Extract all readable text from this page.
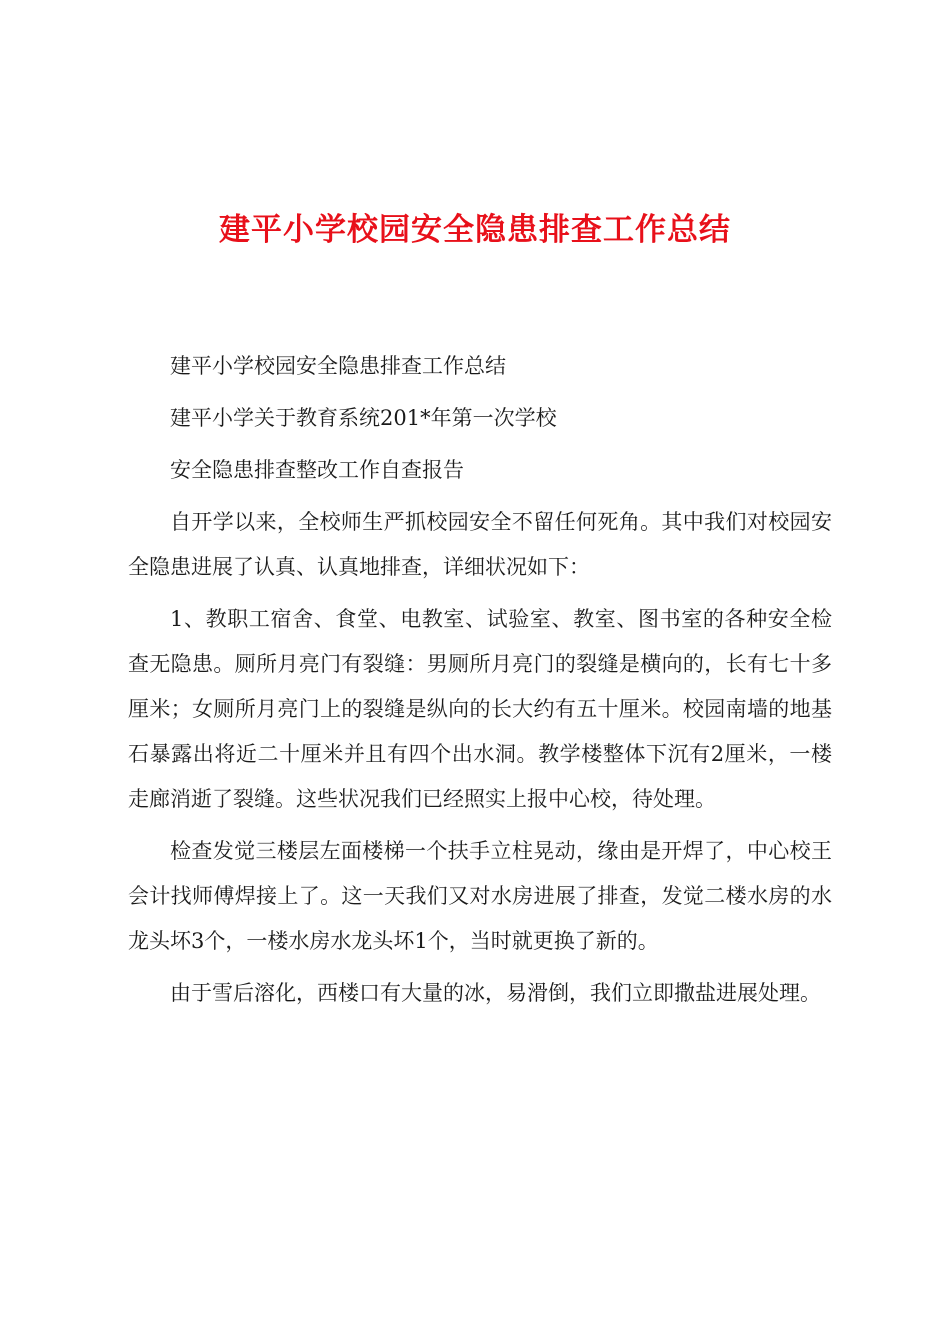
建平小学校园安全隐患排查工作总结

建平小学校园安全隐患排查工作总结

建平小学关于教育系统201*年第一次学校

安全隐患排查整改工作自查报告

自开学以来，全校师生严抓校园安全不留任何死角。其中我们对校园安全隐患进展了认真、认真地排查，详细状况如下：

1、教职工宿舍、食堂、电教室、试验室、教室、图书室的各种安全检查无隐患。厕所月亮门有裂缝：男厕所月亮门的裂缝是横向的，长有七十多厘米；女厕所月亮门上的裂缝是纵向的长大约有五十厘米。校园南墙的地基石暴露出将近二十厘米并且有四个出水洞。教学楼整体下沉有2厘米，一楼走廊消逝了裂缝。这些状况我们已经照实上报中心校，待处理。

检查发觉三楼层左面楼梯一个扶手立柱晃动，缘由是开焊了，中心校王会计找师傅焊接上了。这一天我们又对水房进展了排查，发觉二楼水房的水龙头坏3个，一楼水房水龙头坏1个，当时就更换了新的。

由于雪后溶化，西楼口有大量的冰，易滑倒，我们立即撒盐进展处理。
